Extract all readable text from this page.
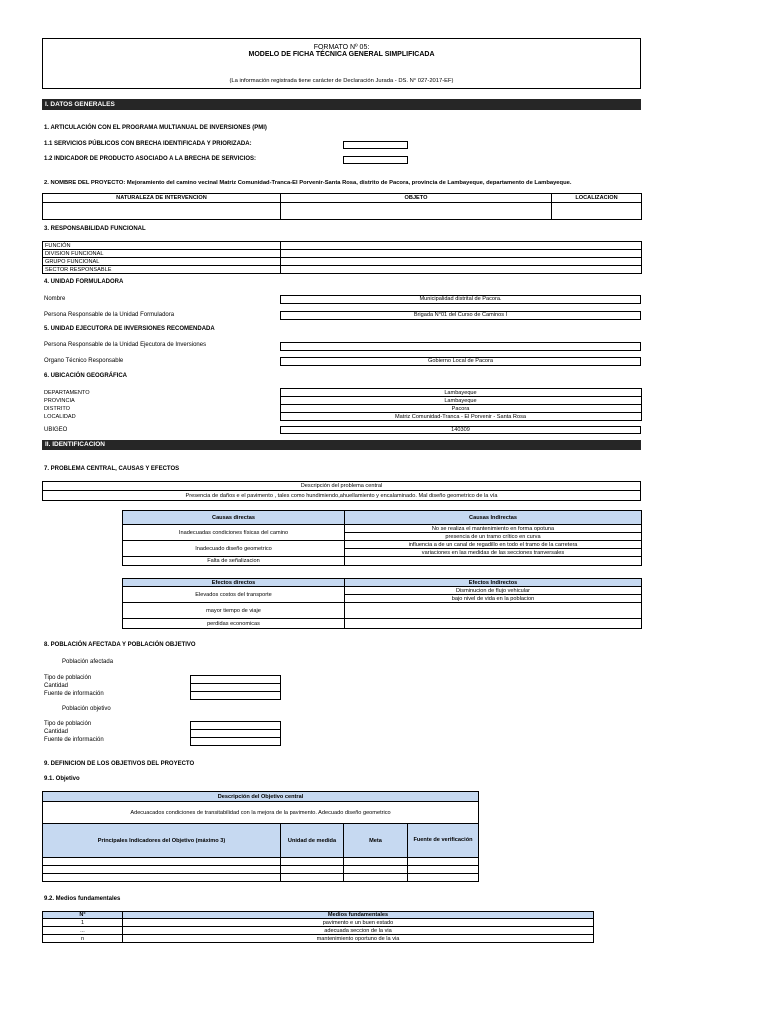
FORMATO Nº 05:
MODELO DE FICHA TÉCNICA GENERAL SIMPLIFICADA
(La información registrada tiene carácter de Declaración Jurada - DS. N° 027-2017-EF)
I. DATOS GENERALES
1. ARTICULACIÓN CON EL PROGRAMA MULTIANUAL DE INVERSIONES (PMI)
1.1 SERVICIOS PÚBLICOS CON BRECHA IDENTIFICADA Y PRIORIZADA:
1.2 INDICADOR DE PRODUCTO ASOCIADO A LA BRECHA DE SERVICIOS:
2. NOMBRE DEL PROYECTO: Mejoramiento del camino vecinal Matriz Comunidad-Tranca-El Porvenir-Santa Rosa, distrito de Pacora, provincia de Lambayeque, departamento de Lambayeque.
NATURALEZA DE INTERVENCION	OBJETO	LOCALIZACION

3. RESPONSABILIDAD FUNCIONAL
FUNCIÓN	
DIVISION FUNCIONAL	
GRUPO FUNCIONAL	
SECTOR RESPONSABLE	
4. UNIDAD FORMULADORA
Nombre	Municipalidad distrital de Pacora.
Persona Responsable de la Unidad Formuladora	Brigada N°01 del Curso de Caminos I
5. UNIDAD EJECUTORA DE INVERSIONES RECOMENDADA
Persona Responsable de la Unidad Ejecutora de Inversiones
Organo Técnico Responsable	Gobierno Local de Pacora
6. UBICACIÓN GEOGRÁFICA
DEPARTAMENTO	Lambayeque
PROVINCIA	Lambayeque
DISTRITO	Pacora
LOCALIDAD	Matriz Comunidad-Tranca - El Porvenir - Santa Rosa
UBIGEO	140309
II. IDENTIFICACION
7. PROBLEMA CENTRAL, CAUSAS Y EFECTOS
Descripción del problema central
Presencia de daños e el pavimento , tales como hundimiendo,ahuellamiento y encalaminado. Mal diseño geometrico de la vía
Causas directas	Causas Indirectas
Inadecuadas condiciones físicas del camino	No se realiza el mantenimiento en forma opotuna
	presencia de un tramo crítico en curva
Inadecuado diseño geometrico	influencia a de un canal de regadillo en todo el tramo de la carretera
	variaciones en las medidas de las secciones tranversales
Falta de señalizacion	
Efectos directos	Efectos Indirectos
Elevados costos del transporte	Disminucion de flujo vehicular
	bajo nivel de vida en la poblacion
mayor tiempo de viaje	
perdidas economicas	
8. POBLACIÓN AFECTADA Y POBLACIÓN OBJETIVO
Población afectada
Tipo de población
Cantidad
Fuente de información

Población objetivo
Tipo de población
Cantidad
Fuente de información

9. DEFINICION DE LOS OBJETIVOS DEL PROYECTO
9.1. Objetivo
Descripción del Objetivo central			
Adecuacados condiciones de transitabilidad con la mejora de la pavimento. Adecuado diseño geometrico			
Principales Indicadores del Objetivo (máximo 3)	Unidad de medida	Meta	Fuente de verificación

9.2. Medios fundamentales
N°	Medios fundamentales
1	pavimento e un buen estado
...	adecuada seccion de la via
n	mantenimiento oportuno de la via
